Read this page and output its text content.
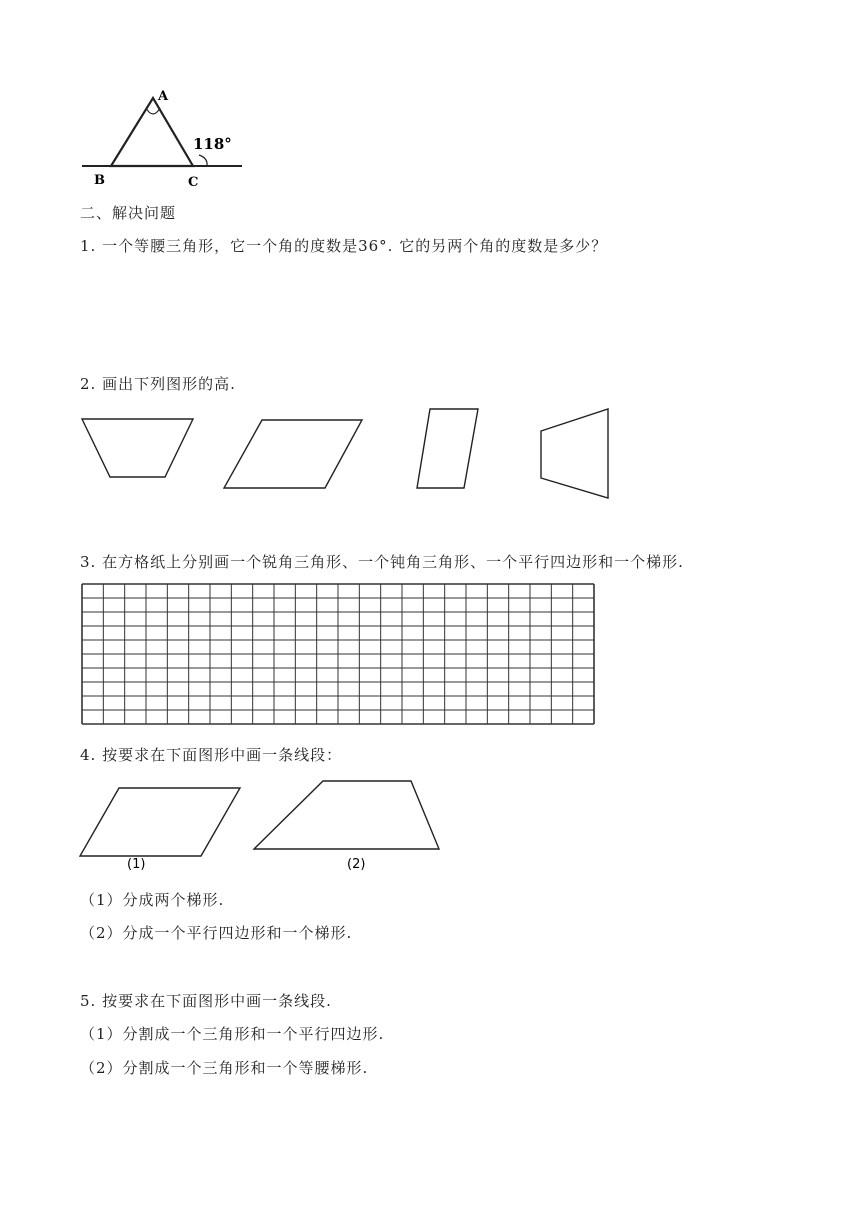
A
B	C
118°
二、解决问题
1. 一个等腰三角形，它一个角的度数是36°. 它的另两个角的度数是多少？
2. 画出下列图形的高.
3. 在方格纸上分别画一个锐角三角形、一个钝角三角形、一个平行四边形和一个梯形.
4. 按要求在下面图形中画一条线段：
(1)	(2)
（1）分成两个梯形.
（2）分成一个平行四边形和一个梯形.
5. 按要求在下面图形中画一条线段.
（1）分割成一个三角形和一个平行四边形.
（2）分割成一个三角形和一个等腰梯形.
